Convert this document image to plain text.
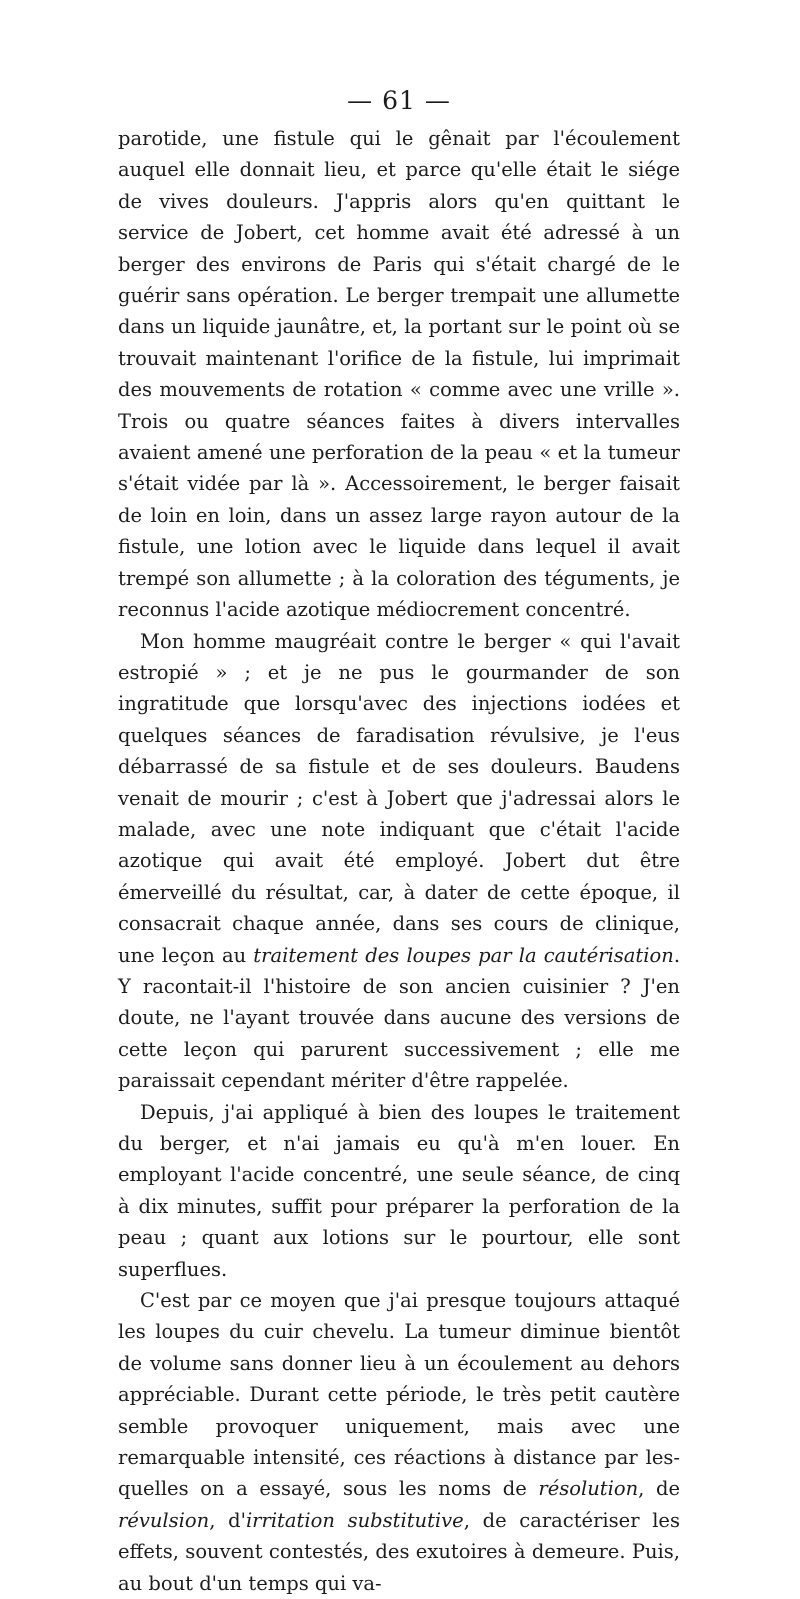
— 61 —

parotide, une fistule qui le gênait par l'écoulement auquel elle donnait lieu, et parce qu'elle était le siége de vives douleurs. J'appris alors qu'en quittant le service de Jobert, cet homme avait été adressé à un berger des environs de Paris qui s'était chargé de le guérir sans opération. Le berger trempait une allumette dans un liquide jaunâtre, et, la portant sur le point où se trouvait maintenant l'orifice de la fistule, lui imprimait des mouvements de rotation « comme avec une vrille ». Trois ou quatre séances faites à divers intervalles avaient amené une perforation de la peau « et la tumeur s'était vidée par là ». Accessoirement, le berger faisait de loin en loin, dans un assez large rayon autour de la fistule, une lotion avec le liquide dans lequel il avait trempé son allumette ; à la coloration des téguments, je reconnus l'acide azotique médiocrement concentré.

Mon homme maugréait contre le berger « qui l'avait estropié » ; et je ne pus le gourmander de son ingratitude que lorsqu'avec des injections iodées et quelques séances de faradisation révulsive, je l'eus débarrassé de sa fistule et de ses douleurs. Baudens venait de mourir ; c'est à Jobert que j'adressai alors le malade, avec une note indiquant que c'était l'acide azotique qui avait été employé. Jobert dut être émerveillé du résultat, car, à dater de cette époque, il consacrait chaque année, dans ses cours de clinique, une leçon au traitement des loupes par la cautérisation. Y racontait-il l'histoire de son ancien cuisinier ? J'en doute, ne l'ayant trouvée dans aucune des versions de cette leçon qui parurent successivement ; elle me paraissait cependant mériter d'être rappelée.

Depuis, j'ai appliqué à bien des loupes le traitement du berger, et n'ai jamais eu qu'à m'en louer. En employant l'acide concentré, une seule séance, de cinq à dix minutes, suffit pour préparer la perforation de la peau ; quant aux lotions sur le pourtour, elle sont superflues.

C'est par ce moyen que j'ai presque toujours attaqué les loupes du cuir chevelu. La tumeur diminue bientôt de volume sans donner lieu à un écoulement au dehors appréciable. Durant cette période, le très petit cautère semble provoquer uniquement, mais avec une remarquable intensité, ces réactions à distance par lesquelles on a essayé, sous les noms de résolution, de révulsion, d'irritation substitutive, de caractériser les effets, souvent contestés, des exutoires à demeure. Puis, au bout d'un temps qui va-
